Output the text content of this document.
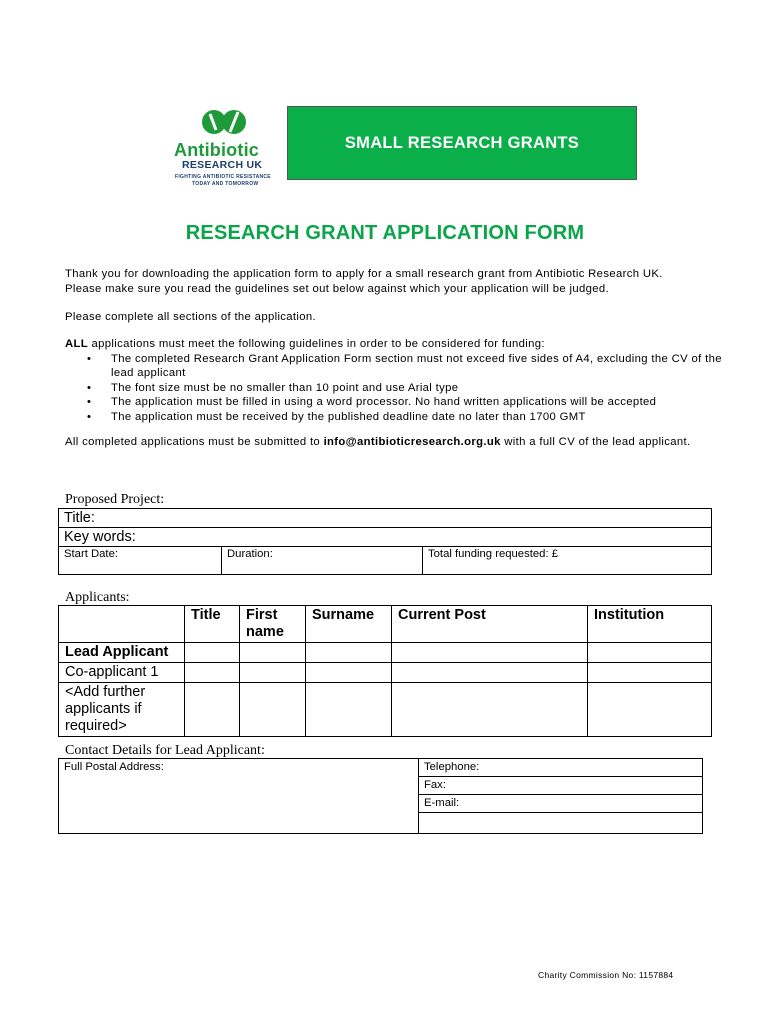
Antibiotic
RESEARCH UK
FIGHTING ANTIBIOTIC RESISTANCE
TODAY AND TOMORROW
SMALL RESEARCH GRANTS
RESEARCH GRANT APPLICATION FORM
Thank you for downloading the application form to apply for a small research grant from Antibiotic Research UK.
Please make sure you read the guidelines set out below against which your application will be judged.
Please complete all sections of the application.
ALL applications must meet the following guidelines in order to be considered for funding:
• The completed Research Grant Application Form section must not exceed five sides of A4, excluding the CV of the lead applicant
• The font size must be no smaller than 10 point and use Arial type
• The application must be filled in using a word processor. No hand written applications will be accepted
• The application must be received by the published deadline date no later than 1700 GMT
All completed applications must be submitted to info@antibioticresearch.org.uk with a full CV of the lead applicant.
Proposed Project:
Title:
Key words:
Start Date:	Duration:	Total funding requested: £
Applicants:
	Title	First name	Surname	Current Post	Institution
Lead Applicant					
Co-applicant 1					
<Add further applicants if required>					
Contact Details for Lead Applicant:
Full Postal Address:	Telephone:
Fax:
E-mail:

Charity Commission No: 1157884
